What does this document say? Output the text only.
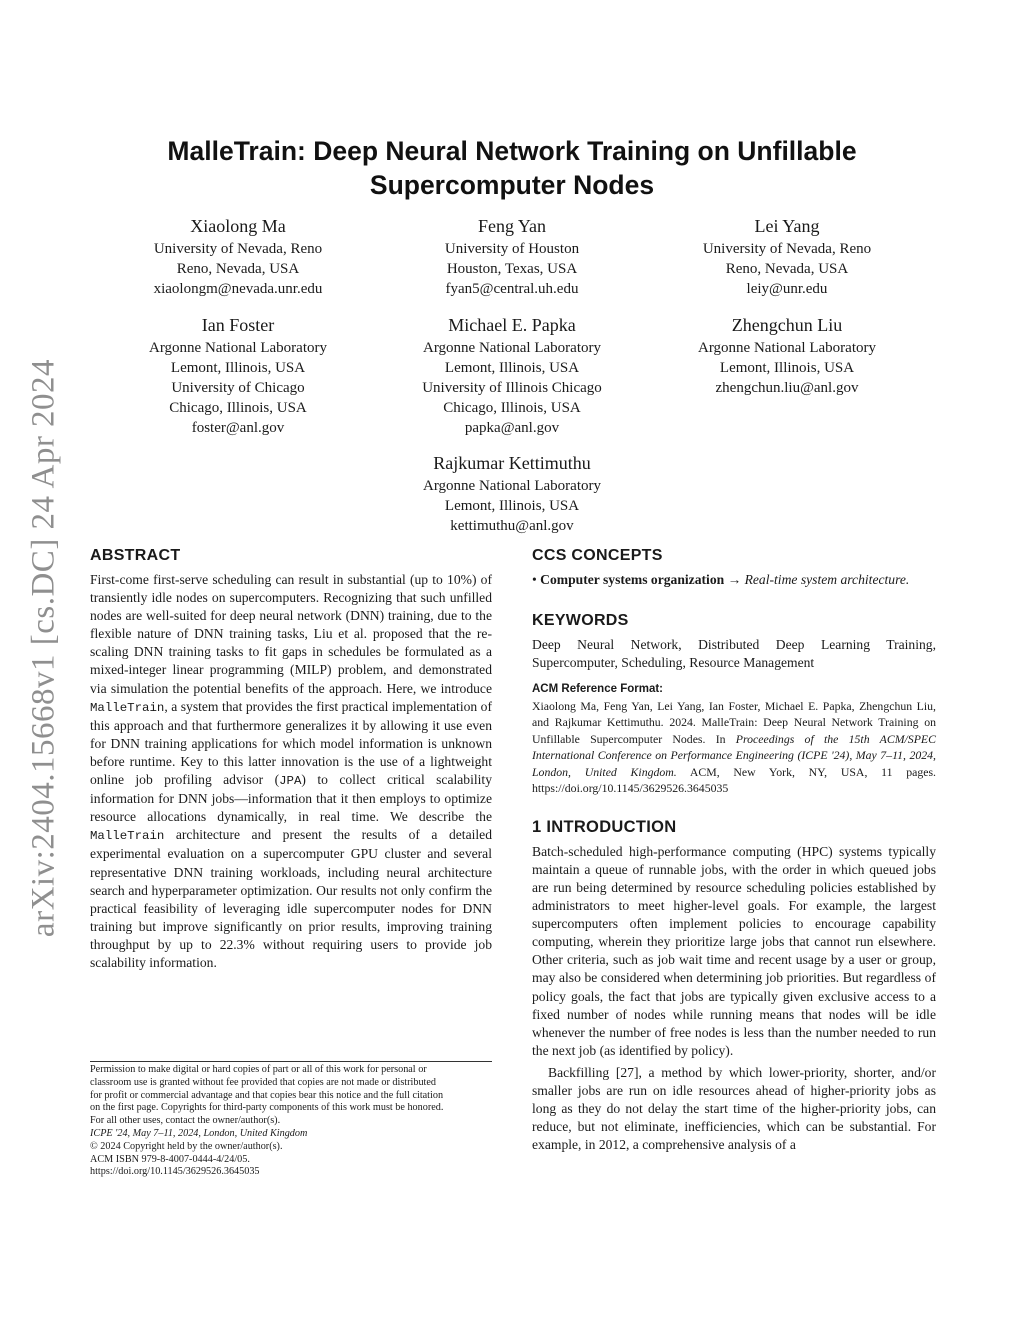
arXiv:2404.15668v1 [cs.DC] 24 Apr 2024
MalleTrain: Deep Neural Network Training on Unfillable Supercomputer Nodes
Xiaolong Ma
University of Nevada, Reno
Reno, Nevada, USA
xiaolongm@nevada.unr.edu
Feng Yan
University of Houston
Houston, Texas, USA
fyan5@central.uh.edu
Lei Yang
University of Nevada, Reno
Reno, Nevada, USA
leiy@unr.edu
Ian Foster
Argonne National Laboratory
Lemont, Illinois, USA
University of Chicago
Chicago, Illinois, USA
foster@anl.gov
Michael E. Papka
Argonne National Laboratory
Lemont, Illinois, USA
University of Illinois Chicago
Chicago, Illinois, USA
papka@anl.gov
Zhengchun Liu
Argonne National Laboratory
Lemont, Illinois, USA
zhengchun.liu@anl.gov
Rajkumar Kettimuthu
Argonne National Laboratory
Lemont, Illinois, USA
kettimuthu@anl.gov
ABSTRACT

First-come first-serve scheduling can result in substantial (up to 10%) of transiently idle nodes on supercomputers. Recognizing that such unfilled nodes are well-suited for deep neural network (DNN) training, due to the flexible nature of DNN training tasks, Liu et al. proposed that the re-scaling DNN training tasks to fit gaps in schedules be formulated as a mixed-integer linear programming (MILP) problem, and demonstrated via simulation the potential benefits of the approach. Here, we introduce MalleTrain, a system that provides the first practical implementation of this approach and that furthermore generalizes it by allowing it use even for DNN training applications for which model information is unknown before runtime. Key to this latter innovation is the use of a lightweight online job profiling advisor (JPA) to collect critical scalability information for DNN jobs—information that it then employs to optimize resource allocations dynamically, in real time. We describe the MalleTrain architecture and present the results of a detailed experimental evaluation on a supercomputer GPU cluster and several representative DNN training workloads, including neural architecture search and hyperparameter optimization. Our results not only confirm the practical feasibility of leveraging idle supercomputer nodes for DNN training but improve significantly on prior results, improving training throughput by up to 22.3% without requiring users to provide job scalability information.

Permission to make digital or hard copies of part or all of this work for personal or
classroom use is granted without fee provided that copies are not made or distributed
for profit or commercial advantage and that copies bear this notice and the full citation
on the first page. Copyrights for third-party components of this work must be honored.
For all other uses, contact the owner/author(s).
ICPE '24, May 7–11, 2024, London, United Kingdom
© 2024 Copyright held by the owner/author(s).
ACM ISBN 979-8-4007-0444-4/24/05.
https://doi.org/10.1145/3629526.3645035
CCS CONCEPTS

• Computer systems organization → Real-time system architecture.

KEYWORDS

Deep Neural Network, Distributed Deep Learning Training, Supercomputer, Scheduling, Resource Management

ACM Reference Format:
Xiaolong Ma, Feng Yan, Lei Yang, Ian Foster, Michael E. Papka, Zhengchun Liu, and Rajkumar Kettimuthu. 2024. MalleTrain: Deep Neural Network Training on Unfillable Supercomputer Nodes. In Proceedings of the 15th ACM/SPEC International Conference on Performance Engineering (ICPE '24), May 7–11, 2024, London, United Kingdom. ACM, New York, NY, USA, 11 pages. https://doi.org/10.1145/3629526.3645035
1 INTRODUCTION

Batch-scheduled high-performance computing (HPC) systems typically maintain a queue of runnable jobs, with the order in which queued jobs are run being determined by resource scheduling policies established by administrators to meet higher-level goals. For example, the largest supercomputers often implement policies to encourage capability computing, wherein they prioritize large jobs that cannot run elsewhere. Other criteria, such as job wait time and recent usage by a user or group, may also be considered when determining job priorities. But regardless of policy goals, the fact that jobs are typically given exclusive access to a fixed number of nodes while running means that nodes will be idle whenever the number of free nodes is less than the number needed to run the next job (as identified by policy).

Backfilling [27], a method by which lower-priority, shorter, and/or smaller jobs are run on idle resources ahead of higher-priority jobs as long as they do not delay the start time of the higher-priority jobs, can reduce, but not eliminate, inefficiencies, which can be substantial. For example, in 2012, a comprehensive analysis of a
